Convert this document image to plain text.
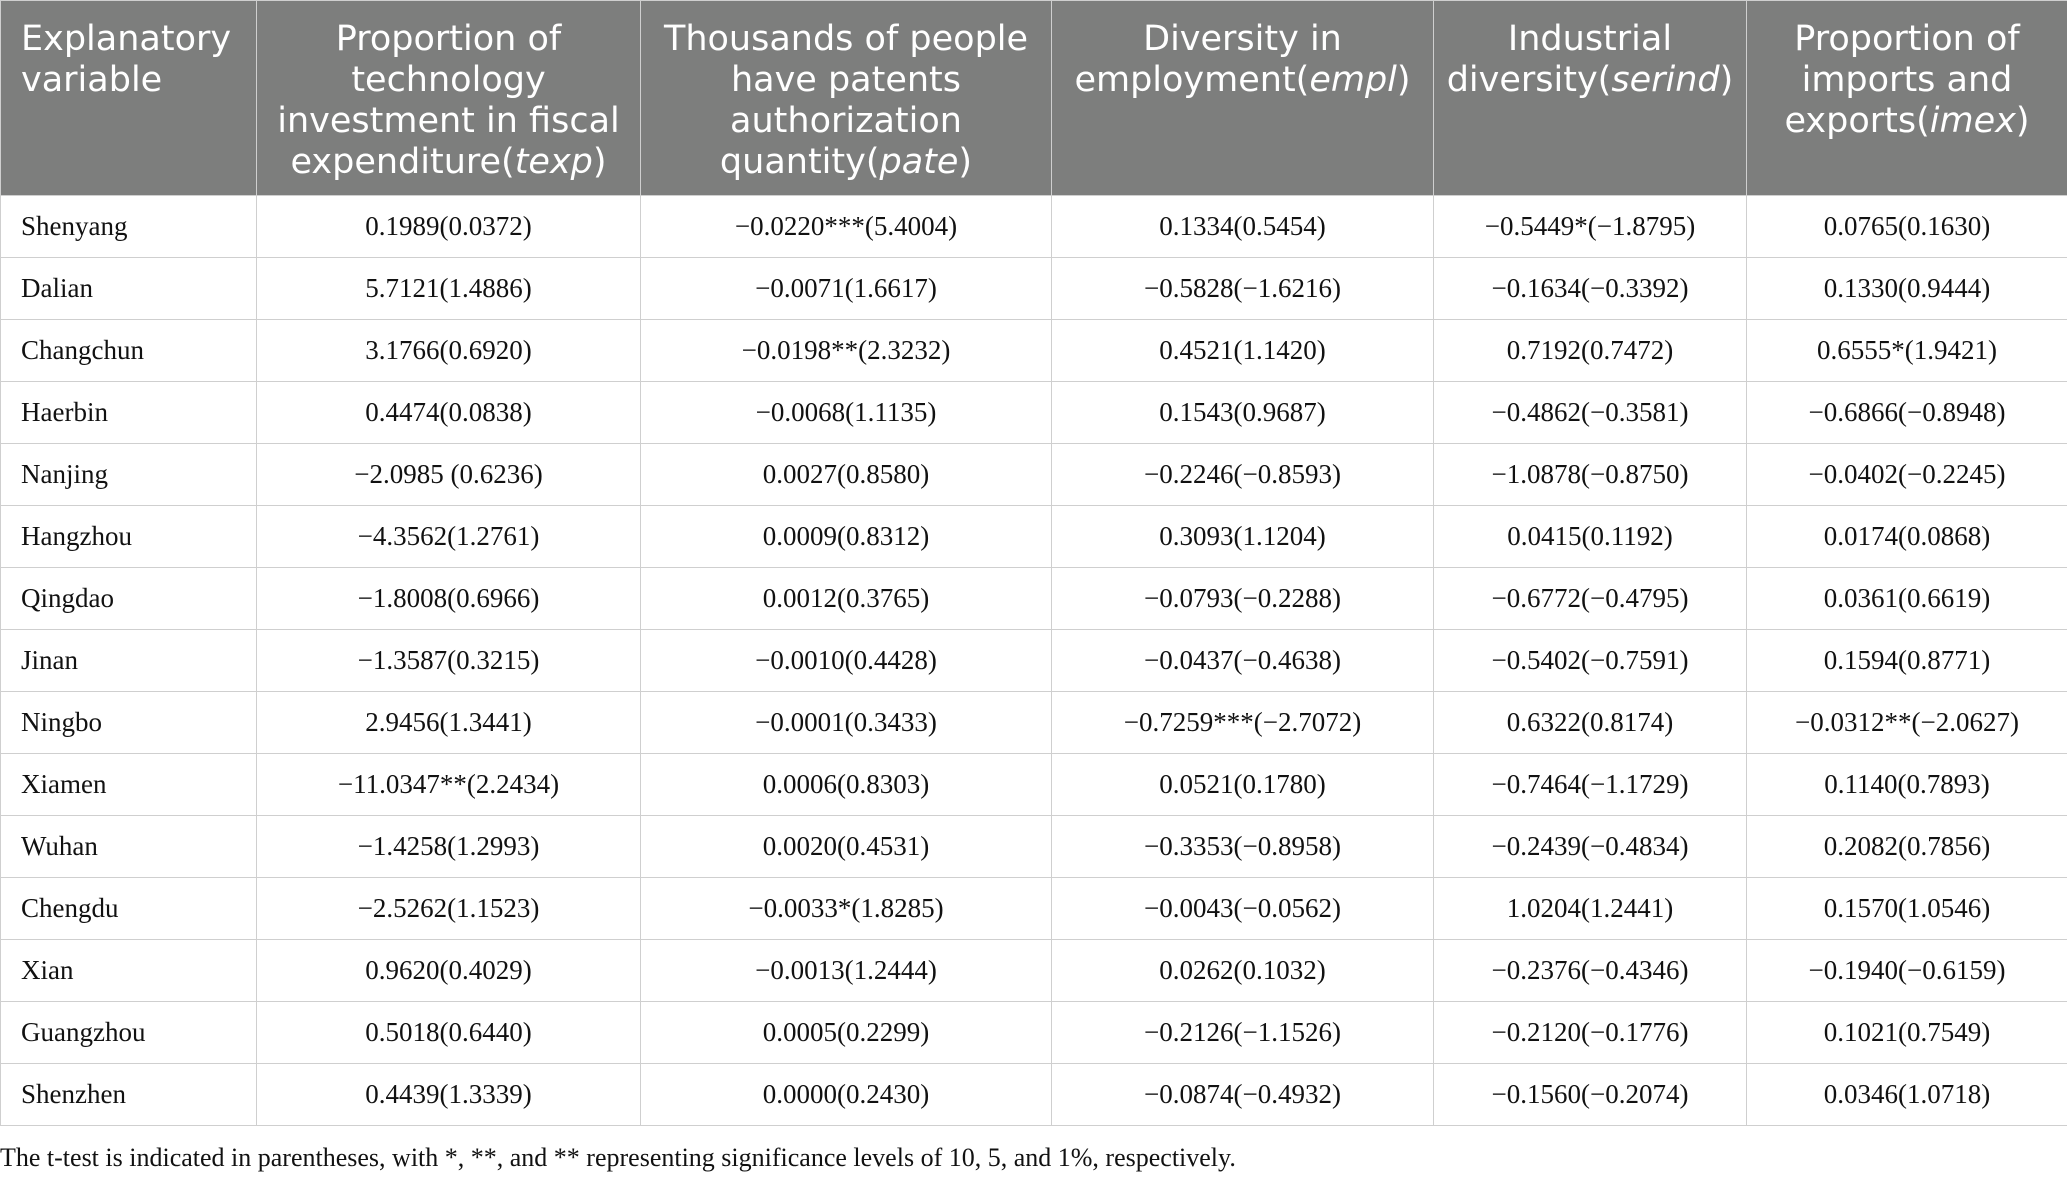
Explanatory variable	Proportion of technology investment in fiscal expenditure(texp)	Thousands of people have patents authorization quantity(pate)	Diversity in employment(empl)	Industrial diversity(serind)	Proportion of imports and exports(imex)
Shenyang	0.1989(0.0372)	−0.0220***(5.4004)	0.1334(0.5454)	−0.5449*(−1.8795)	0.0765(0.1630)
Dalian	5.7121(1.4886)	−0.0071(1.6617)	−0.5828(−1.6216)	−0.1634(−0.3392)	0.1330(0.9444)
Changchun	3.1766(0.6920)	−0.0198**(2.3232)	0.4521(1.1420)	0.7192(0.7472)	0.6555*(1.9421)
Haerbin	0.4474(0.0838)	−0.0068(1.1135)	0.1543(0.9687)	−0.4862(−0.3581)	−0.6866(−0.8948)
Nanjing	−2.0985 (0.6236)	0.0027(0.8580)	−0.2246(−0.8593)	−1.0878(−0.8750)	−0.0402(−0.2245)
Hangzhou	−4.3562(1.2761)	0.0009(0.8312)	0.3093(1.1204)	0.0415(0.1192)	0.0174(0.0868)
Qingdao	−1.8008(0.6966)	0.0012(0.3765)	−0.0793(−0.2288)	−0.6772(−0.4795)	0.0361(0.6619)
Jinan	−1.3587(0.3215)	−0.0010(0.4428)	−0.0437(−0.4638)	−0.5402(−0.7591)	0.1594(0.8771)
Ningbo	2.9456(1.3441)	−0.0001(0.3433)	−0.7259***(−2.7072)	0.6322(0.8174)	−0.0312**(−2.0627)
Xiamen	−11.0347**(2.2434)	0.0006(0.8303)	0.0521(0.1780)	−0.7464(−1.1729)	0.1140(0.7893)
Wuhan	−1.4258(1.2993)	0.0020(0.4531)	−0.3353(−0.8958)	−0.2439(−0.4834)	0.2082(0.7856)
Chengdu	−2.5262(1.1523)	−0.0033*(1.8285)	−0.0043(−0.0562)	1.0204(1.2441)	0.1570(1.0546)
Xian	0.9620(0.4029)	−0.0013(1.2444)	0.0262(0.1032)	−0.2376(−0.4346)	−0.1940(−0.6159)
Guangzhou	0.5018(0.6440)	0.0005(0.2299)	−0.2126(−1.1526)	−0.2120(−0.1776)	0.1021(0.7549)
Shenzhen	0.4439(1.3339)	0.0000(0.2430)	−0.0874(−0.4932)	−0.1560(−0.2074)	0.0346(1.0718)
The t-test is indicated in parentheses, with *, **, and ** representing significance levels of 10, 5, and 1%, respectively.
